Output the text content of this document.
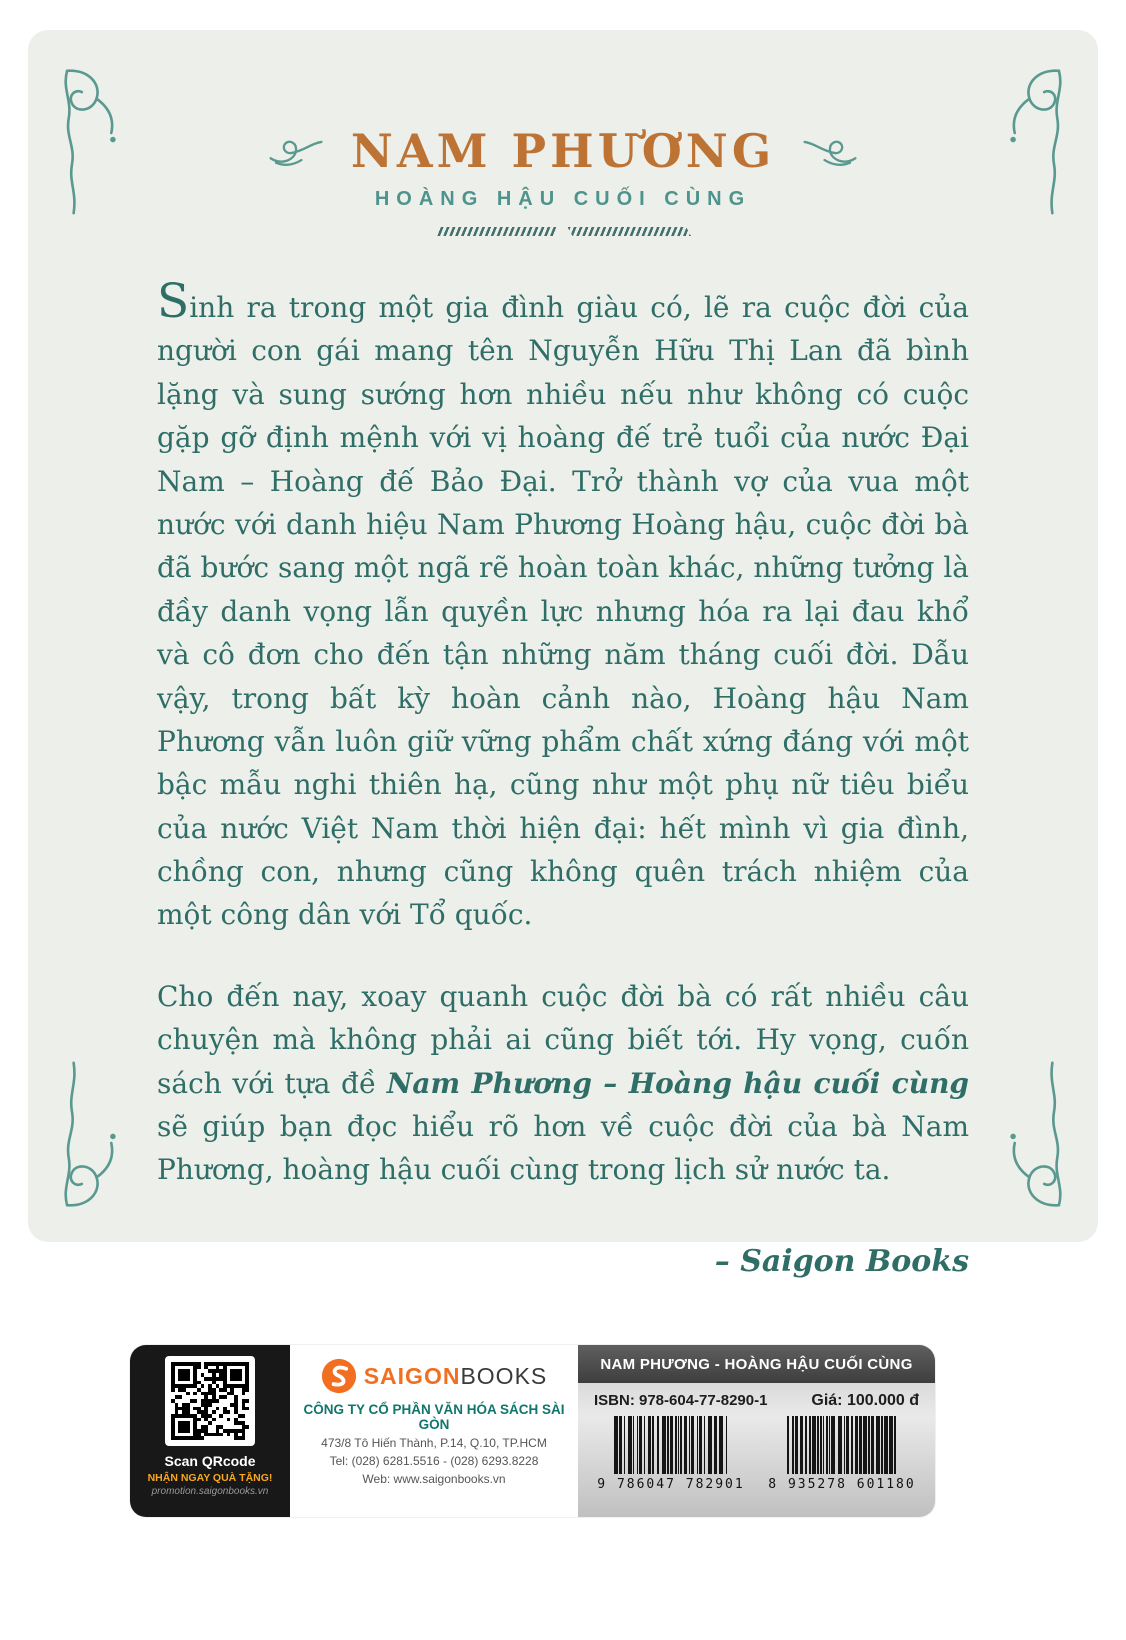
NAM PHƯƠNG
HOÀNG HẬU CUỐI CÙNG

Sinh ra trong một gia đình giàu có, lẽ ra cuộc đời của người con gái mang tên Nguyễn Hữu Thị Lan đã bình lặng và sung sướng hơn nhiều nếu như không có cuộc gặp gỡ định mệnh với vị hoàng đế trẻ tuổi của nước Đại Nam – Hoàng đế Bảo Đại. Trở thành vợ của vua một nước với danh hiệu Nam Phương Hoàng hậu, cuộc đời bà đã bước sang một ngã rẽ hoàn toàn khác, những tưởng là đầy danh vọng lẫn quyền lực nhưng hóa ra lại đau khổ và cô đơn cho đến tận những năm tháng cuối đời. Dẫu vậy, trong bất kỳ hoàn cảnh nào, Hoàng hậu Nam Phương vẫn luôn giữ vững phẩm chất xứng đáng với một bậc mẫu nghi thiên hạ, cũng như một phụ nữ tiêu biểu của nước Việt Nam thời hiện đại: hết mình vì gia đình, chồng con, nhưng cũng không quên trách nhiệm của một công dân với Tổ quốc.

Cho đến nay, xoay quanh cuộc đời bà có rất nhiều câu chuyện mà không phải ai cũng biết tới. Hy vọng, cuốn sách với tựa đề Nam Phương – Hoàng hậu cuối cùng sẽ giúp bạn đọc hiểu rõ hơn về cuộc đời của bà Nam Phương, hoàng hậu cuối cùng trong lịch sử nước ta.

– Saigon Books
Scan QRcode
NHẬN NGAY QUÀ TẶNG!
promotion.saigonbooks.vn
SAIGONBOOKS
CÔNG TY CỔ PHẦN VĂN HÓA SÁCH SÀI GÒN
473/8 Tô Hiến Thành, P.14, Q.10, TP.HCM
Tel: (028) 6281.5516 - (028) 6293.8228
Web: www.saigonbooks.vn
NAM PHƯƠNG - HOÀNG HẬU CUỐI CÙNG
ISBN: 978-604-77-8290-1	Giá: 100.000 đ
9 786047 782901 8 935278 601180
